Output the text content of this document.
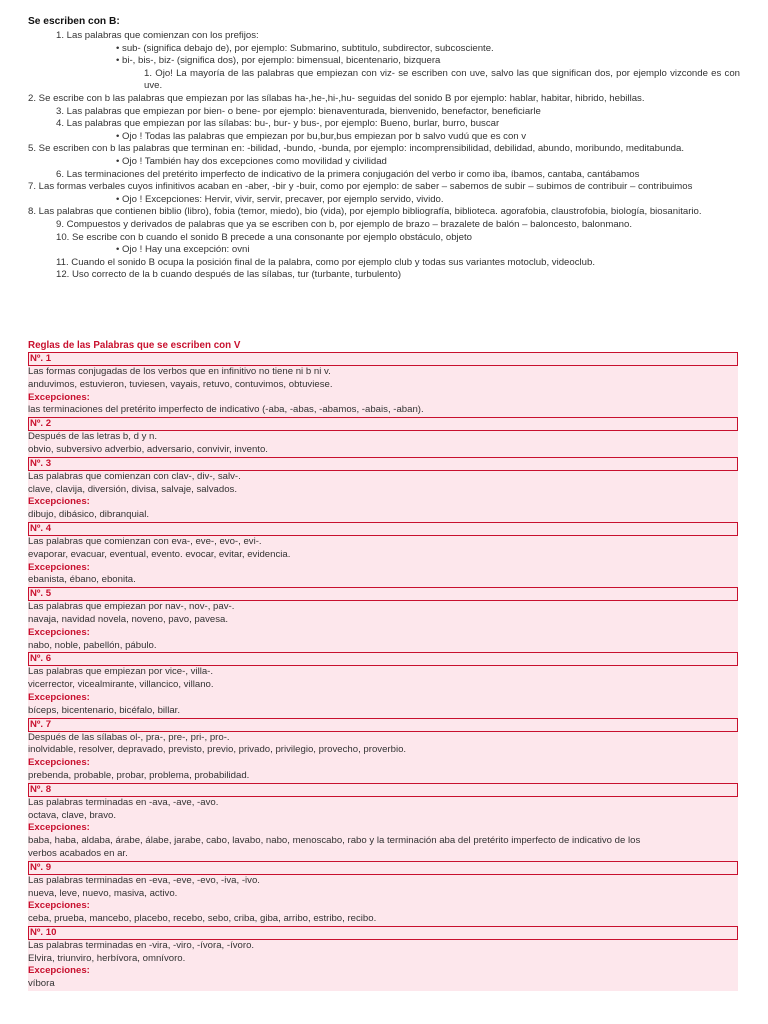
Se escriben con B:
1. Las palabras que comienzan con los prefijos:
• sub- (significa debajo de), por ejemplo: Submarino, subtitulo, subdirector, subcosciente.
• bi-, bis-, biz- (significa dos), por ejemplo: bimensual, bicentenario, bizquera
1. Ojo! La mayoría de las palabras que empiezan con viz- se escriben con uve, salvo las que significan dos, por ejemplo vizconde es con uve.
2. Se escribe con b las palabras que empiezan por las sílabas ha-,he-,hi-,hu- seguidas del sonido B por ejemplo: hablar, habitar, hibrido, hebillas.
3. Las palabras que empiezan por bien- o bene- por ejemplo: bienaventurada, bienvenido, benefactor, beneficiarle
4. Las palabras que empiezan por las sílabas: bu-, bur- y bus-, por ejemplo: Bueno, burlar, burro, buscar
• Ojo ! Todas las palabras que empiezan por bu,bur,bus empiezan por b salvo vudú que es con v
5. Se escriben con b las palabras que terminan en: -bilidad, -bundo, -bunda, por ejemplo: incomprensibilidad, debilidad, abundo, moribundo, meditabunda.
• Ojo ! También hay dos excepciones como movilidad y civilidad
6. Las terminaciones del pretérito imperfecto de indicativo de la primera conjugación del verbo ir como iba, íbamos, cantaba, cantábamos
7. Las formas verbales cuyos infinitivos acaban en -aber, -bir y -buir, como por ejemplo: de saber – sabemos de subir – subimos de contribuir – contribuimos
• Ojo ! Excepciones: Hervir, vivir, servir, precaver, por ejemplo servido, vivido.
8. Las palabras que contienen biblio (libro), fobia (temor, miedo), bio (vida), por ejemplo bibliografía, biblioteca. agorafobia, claustrofobia, biología, biosanitario.
9. Compuestos y derivados de palabras que ya se escriben con b, por ejemplo de brazo – brazalete de balón – baloncesto, balonmano.
10. Se escribe con b cuando el sonido B precede a una consonante por ejemplo obstáculo, objeto
• Ojo ! Hay una excepción: ovni
11. Cuando el sonido B ocupa la posición final de la palabra, como por ejemplo club y todas sus variantes motoclub, videoclub.
12. Uso correcto de la b cuando después de las sílabas, tur (turbante, turbulento)
Reglas de las Palabras que se escriben con V
Nº. 1
Las formas conjugadas de los verbos que en infinitivo no tiene ni b ni v.
anduvimos, estuvieron, tuviesen, vayais, retuvo, contuvimos, obtuviese.
Excepciones:
las terminaciones del pretérito imperfecto de indicativo (-aba, -abas, -abamos, -abais, -aban).
Nº. 2
Después de las letras b, d y n.
obvio, subversivo adverbio, adversario, convivir, invento.
Nº. 3
Las palabras que comienzan con clav-, div-, salv-.
clave, clavija, diversión, divisa, salvaje, salvados.
Excepciones:
dibujo, dibásico, dibranquial.
Nº. 4
Las palabras que comienzan con eva-, eve-, evo-, evi-.
evaporar, evacuar, eventual, evento. evocar, evitar, evidencia.
Excepciones:
ebanista, ébano, ebonita.
Nº. 5
Las palabras que empiezan por nav-, nov-, pav-.
navaja, navidad novela, noveno, pavo, pavesa.
Excepciones:
nabo, noble, pabellón, pábulo.
Nº. 6
Las palabras que empiezan por vice-, villa-.
vicerrector, vicealmirante, villancico, villano.
Excepciones:
bíceps, bicentenario, bicéfalo, billar.
Nº. 7
Después de las sílabas ol-, pra-, pre-, pri-, pro-.
inolvidable, resolver, depravado, previsto, previo, privado, privilegio, provecho, proverbio.
Excepciones:
prebenda, probable, probar, problema, probabilidad.
Nº. 8
Las palabras terminadas en -ava, -ave, -avo.
octava, clave, bravo.
Excepciones:
baba, haba, aldaba, árabe, álabe, jarabe, cabo, lavabo, nabo, menoscabo, rabo y la terminación aba del pretérito imperfecto de indicativo de los
verbos acabados en ar.
Nº. 9
Las palabras terminadas en -eva, -eve, -evo, -iva, -ivo.
nueva, leve, nuevo, masiva, activo.
Excepciones:
ceba, prueba, mancebo, placebo, recebo, sebo, criba, giba, arribo, estribo, recibo.
Nº. 10
Las palabras terminadas en -vira, -viro, -ívora, -ívoro.
Elvira, triunviro, herbívora, omnívoro.
Excepciones:
víbora
